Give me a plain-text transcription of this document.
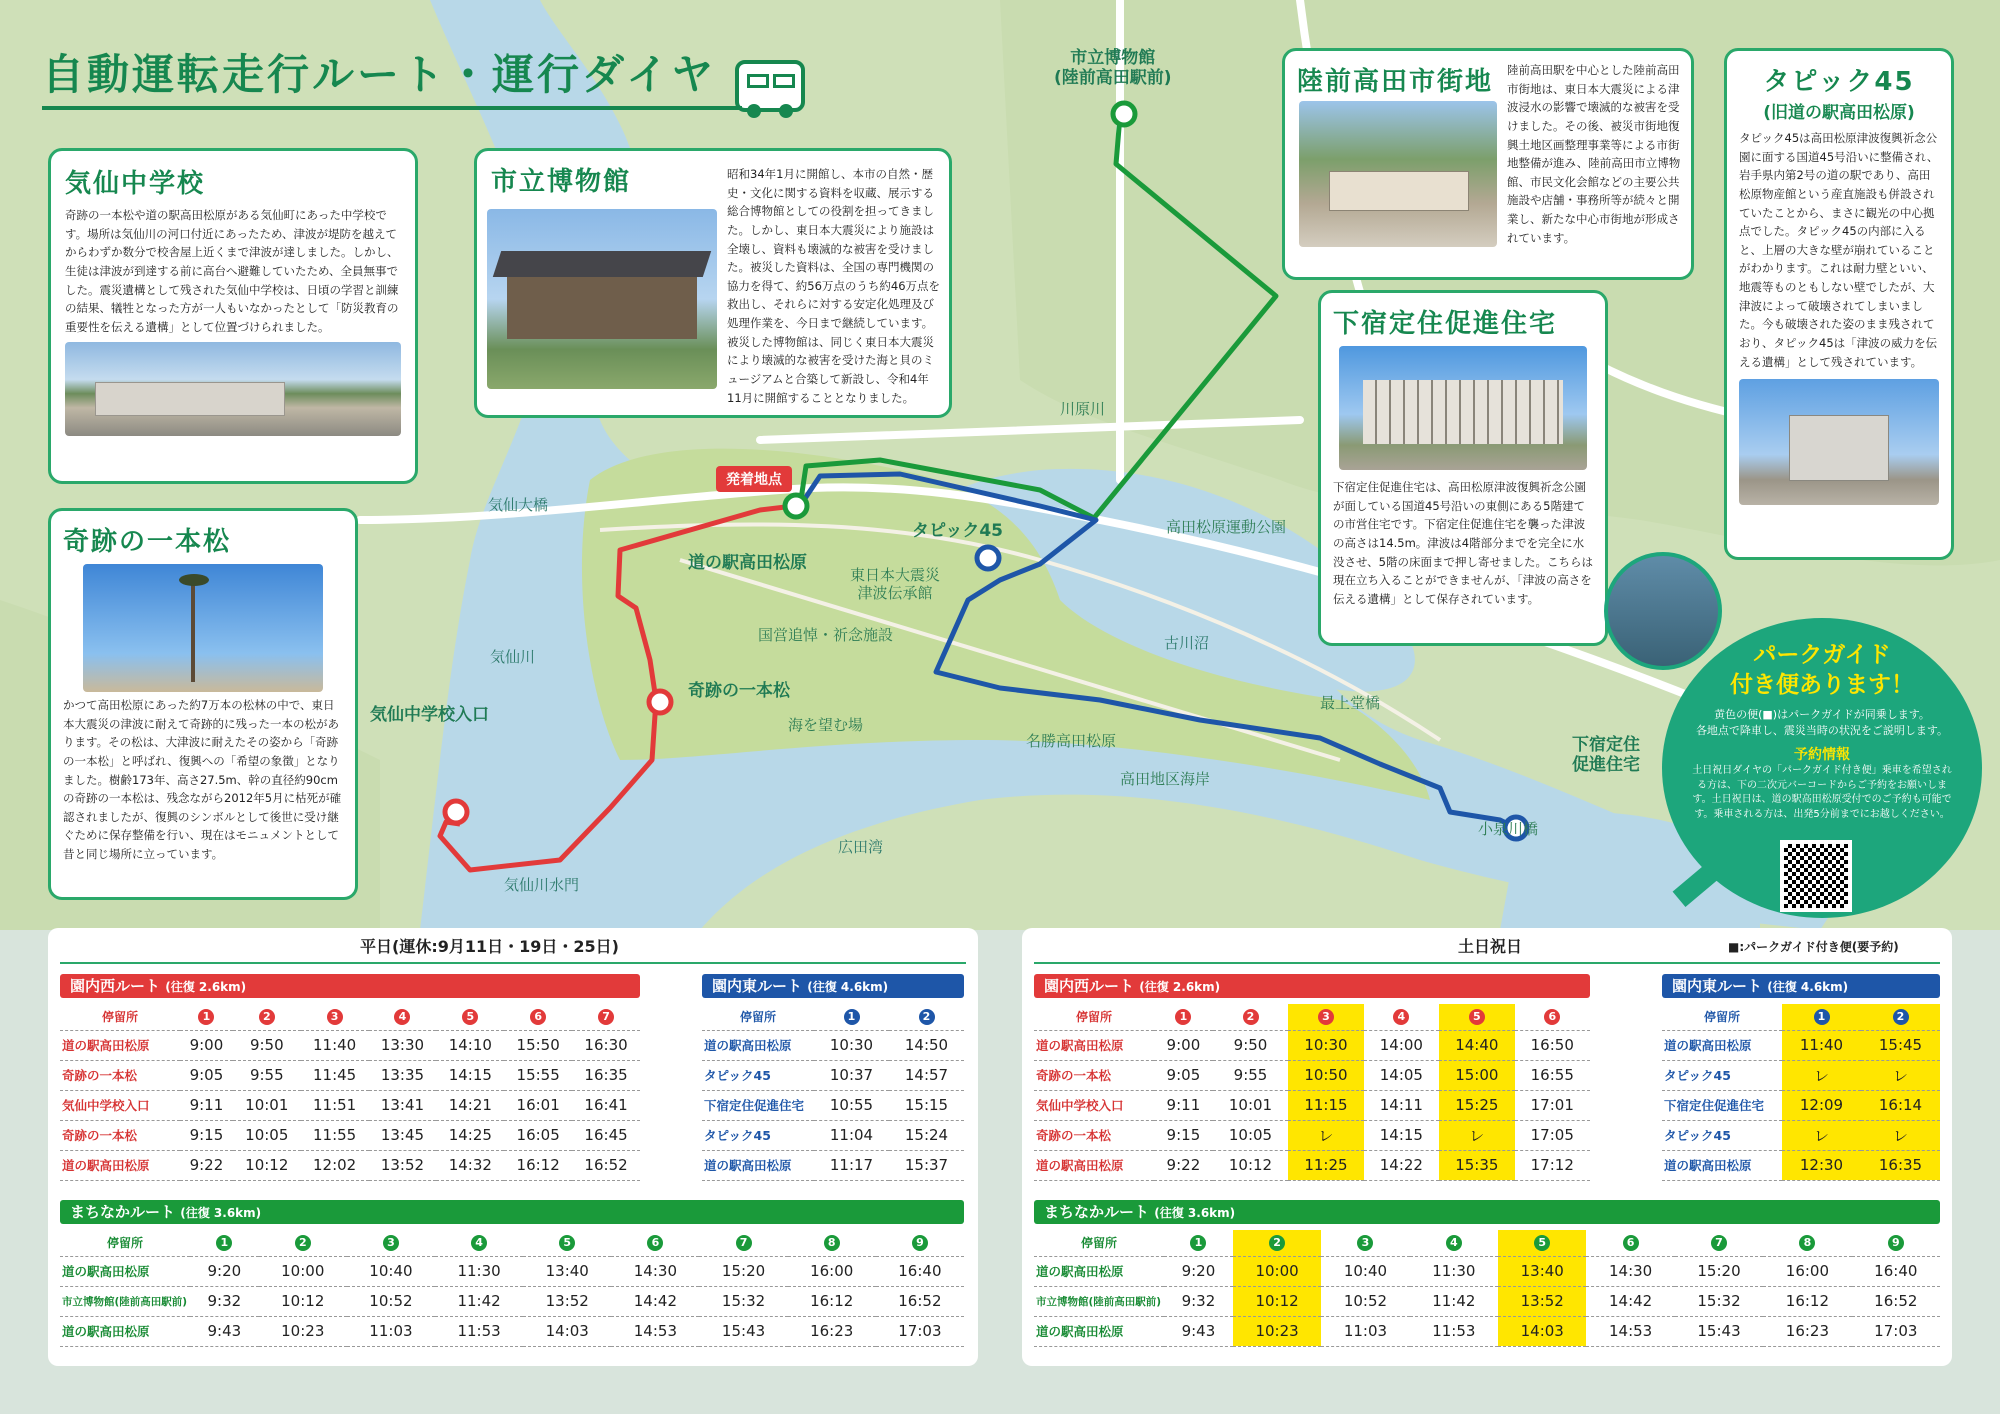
自動運転走行ルート・運行ダイヤ
発着地点
道の駅高田松原
タピック45
奇跡の一本松
気仙中学校入口
下宿定住
促進住宅
市立博物館
(陸前高田駅前)
気仙大橋
気仙川
川原川
高田松原運動公園
古川沼
東日本大震災
津波伝承館
国営追悼・祈念施設
海を望む場
名勝高田松原
最上堂橋
高田地区海岸
小泉川橋
広田湾
気仙川水門
気仙中学校

奇跡の一本松や道の駅高田松原がある気仙町にあった中学校です。場所は気仙川の河口付近にあったため、津波が堤防を越えてからわずか数分で校舎屋上近くまで津波が達しました。しかし、生徒は津波が到達する前に高台へ避難していたため、全員無事でした。震災遺構として残された気仙中学校は、日頃の学習と訓練の結果、犠牲となった方が一人もいなかったとして「防災教育の重要性を伝える遺構」として位置づけられました。

市立博物館	昭和34年1月に開館し、本市の自然・歴史・文化に関する資料を収蔵、展示する総合博物館としての役割を担ってきました。しかし、東日本大震災により施設は全壊し、資料も壊滅的な被害を受けました。被災した資料は、全国の専門機関の協力を得て、約56万点のうち約46万点を救出し、それらに対する安定化処理及び処理作業を、今日まで継続しています。被災した博物館は、同じく東日本大震災により壊滅的な被害を受けた海と貝のミュージアムと合築して新設し、令和4年11月に開館することとなりました。

奇跡の一本松

かつて高田松原にあった約7万本の松林の中で、東日本大震災の津波に耐えて奇跡的に残った一本の松があります。その松は、大津波に耐えたその姿から「奇跡の一本松」と呼ばれ、復興への「希望の象徴」となりました。樹齢173年、高さ27.5m、幹の直径約90cmの奇跡の一本松は、残念ながら2012年5月に枯死が確認されましたが、復興のシンボルとして後世に受け継ぐために保存整備を行い、現在はモニュメントとして昔と同じ場所に立っています。

陸前高田市街地	陸前高田駅を中心とした陸前高田市街地は、東日本大震災による津波浸水の影響で壊滅的な被害を受けました。その後、被災市街地復興土地区画整理事業等による市街地整備が進み、陸前高田市立博物館、市民文化会館などの主要公共施設や店舗・事務所等が続々と開業し、新たな中心市街地が形成されています。

下宿定住促進住宅

下宿定住促進住宅は、高田松原津波復興祈念公園が面している国道45号沿いの東側にある5階建ての市営住宅です。下宿定住促進住宅を襲った津波の高さは14.5m。津波は4階部分までを完全に水没させ、5階の床面まで押し寄せました。こちらは現在立ち入ることができませんが、「津波の高さを伝える遺構」として保存されています。

タピック45
(旧道の駅高田松原)

タピック45は高田松原津波復興祈念公園に面する国道45号沿いに整備され、岩手県内第2号の道の駅であり、高田松原物産館という産直施設も併設されていたことから、まさに観光の中心拠点でした。タピック45の内部に入ると、上層の大きな壁が崩れていることがわかります。これは耐力壁といい、地震等ものともしない壁でしたが、大津波によって破壊されてしまいました。今も破壊された姿のまま残されており、タピック45は「津波の威力を伝える遺構」として残されています。

パークガイド
付き便あります！
黄色の便(■)はパークガイドが同乗します。
各地点で降車し、震災当時の状況をご説明します。
予約情報
土日祝日ダイヤの「パークガイド付き便」乗車を希望される方は、下の二次元バーコードからご予約をお願いします。土日祝日は、道の駅高田松原受付でのご予約も可能です。乗車される方は、出発5分前までにお越しください。
平日(運休:9月11日・19日・25日)
園内西ルート (往復 2.6km)
停留所	1	2	3	4	5	6	7
道の駅高田松原	9:00	9:50	11:40	13:30	14:10	15:50	16:30
奇跡の一本松	9:05	9:55	11:45	13:35	14:15	15:55	16:35
気仙中学校入口	9:11	10:01	11:51	13:41	14:21	16:01	16:41
奇跡の一本松	9:15	10:05	11:55	13:45	14:25	16:05	16:45
道の駅高田松原	9:22	10:12	12:02	13:52	14:32	16:12	16:52
園内東ルート (往復 4.6km)
停留所	1	2
道の駅高田松原	10:30	14:50
タピック45	10:37	14:57
下宿定住促進住宅	10:55	15:15
タピック45	11:04	15:24
道の駅高田松原	11:17	15:37
まちなかルート (往復 3.6km)
停留所	1	2	3	4	5	6	7	8	9
道の駅高田松原	9:20	10:00	10:40	11:30	13:40	14:30	15:20	16:00	16:40
市立博物館(陸前高田駅前)	9:32	10:12	10:52	11:42	13:52	14:42	15:32	16:12	16:52
道の駅高田松原	9:43	10:23	11:03	11:53	14:03	14:53	15:43	16:23	17:03
土日祝日	■:パークガイド付き便(要予約)
園内西ルート (往復 2.6km)
停留所	1	2	3	4	5	6
道の駅高田松原	9:00	9:50	10:30	14:00	14:40	16:50
奇跡の一本松	9:05	9:55	10:50	14:05	15:00	16:55
気仙中学校入口	9:11	10:01	11:15	14:11	15:25	17:01
奇跡の一本松	9:15	10:05	レ	14:15	レ	17:05
道の駅高田松原	9:22	10:12	11:25	14:22	15:35	17:12
園内東ルート (往復 4.6km)
停留所	1	2
道の駅高田松原	11:40	15:45
タピック45	レ	レ
下宿定住促進住宅	12:09	16:14
タピック45	レ	レ
道の駅高田松原	12:30	16:35
まちなかルート (往復 3.6km)
停留所	1	2	3	4	5	6	7	8	9
道の駅高田松原	9:20	10:00	10:40	11:30	13:40	14:30	15:20	16:00	16:40
市立博物館(陸前高田駅前)	9:32	10:12	10:52	11:42	13:52	14:42	15:32	16:12	16:52
道の駅高田松原	9:43	10:23	11:03	11:53	14:03	14:53	15:43	16:23	17:03
